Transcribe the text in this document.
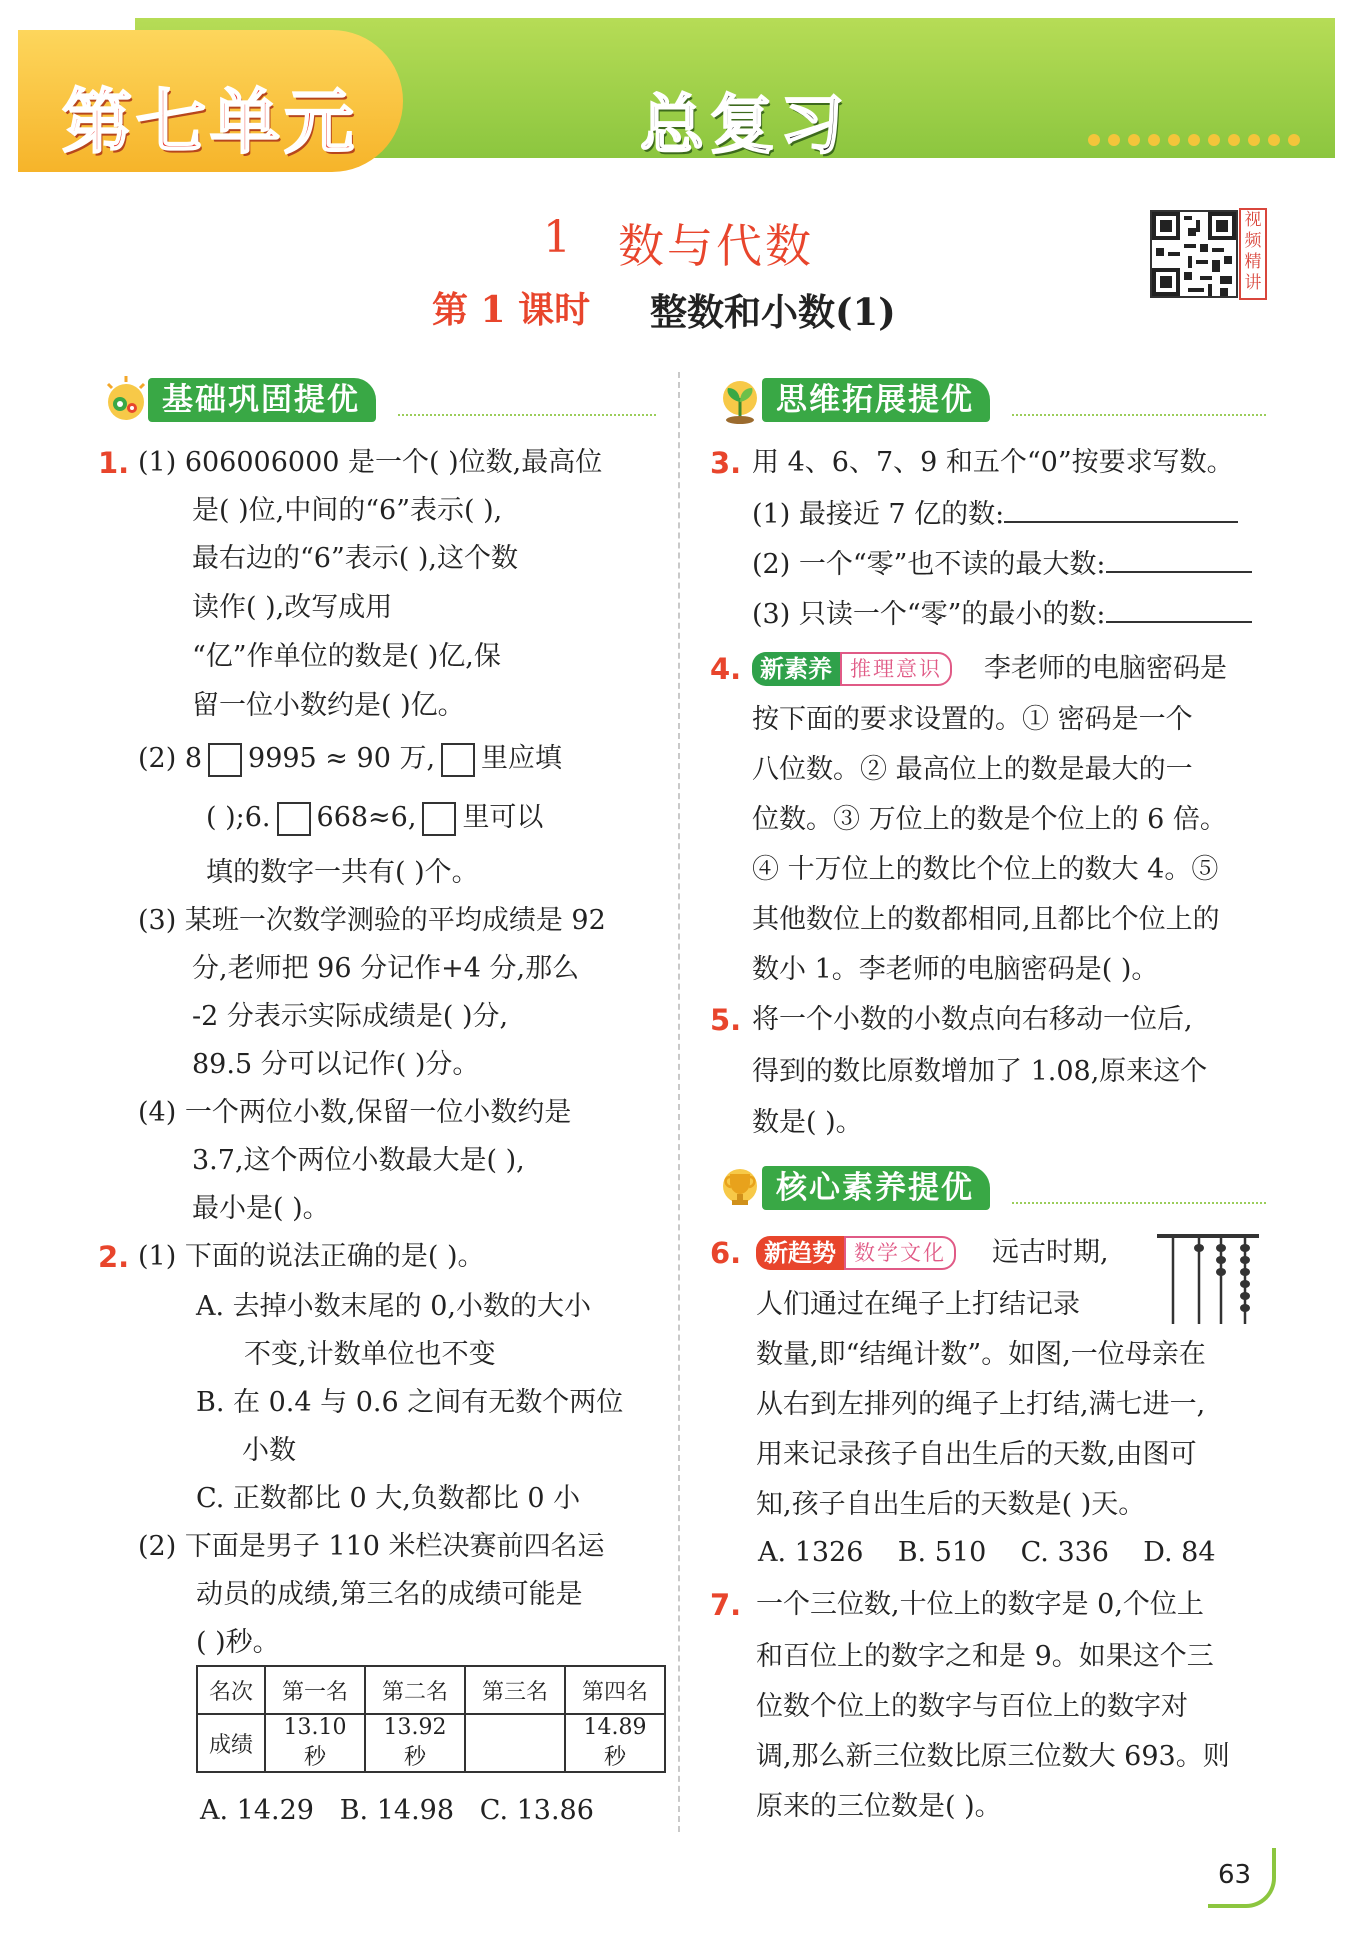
第七单元	总复习
1 数与代数
第 1 课时 整数和小数(1)
视
频
精
讲
基础巩固提优
1. (1) 606006000 是一个( )位数,最高位
是( )位,中间的“6”表示( ),
最右边的“6”表示( ),这个数
读作( ),改写成用
“亿”作单位的数是( )亿,保
留一位小数约是( )亿。
(2) 8 9995 ≈ 90 万, 里应填
( );6. 668≈6, 里可以
填的数字一共有( )个。
(3) 某班一次数学测验的平均成绩是 92
分,老师把 96 分记作+4 分,那么
-2 分表示实际成绩是( )分,
89.5 分可以记作( )分。
(4) 一个两位小数,保留一位小数约是
3.7,这个两位小数最大是( ),
最小是( )。
2. (1) 下面的说法正确的是( )。
A. 去掉小数末尾的 0,小数的大小
不变,计数单位也不变
B. 在 0.4 与 0.6 之间有无数个两位
小数
C. 正数都比 0 大,负数都比 0 小
(2) 下面是男子 110 米栏决赛前四名运
动员的成绩,第三名的成绩可能是
( )秒。
名次	第一名	第二名	第三名	第四名
成绩	13.10 秒	13.92 秒		14.89 秒
A. 14.29   B. 14.98   C. 13.86
思维拓展提优
3. 用 4、6、7、9 和五个“0”按要求写数。
(1) 最接近 7 亿的数:
(2) 一个“零”也不读的最大数:
(3) 只读一个“零”的最小的数:
4. 新素养 推理意识	李老师的电脑密码是
按下面的要求设置的。① 密码是一个
八位数。② 最高位上的数是最大的一
位数。③ 万位上的数是个位上的 6 倍。
④ 十万位上的数比个位上的数大 4。⑤
其他数位上的数都相同,且都比个位上的
数小 1。李老师的电脑密码是( )。
5. 将一个小数的小数点向右移动一位后,
得到的数比原数增加了 1.08,原来这个
数是( )。
核心素养提优
6. 新趋势 数学文化	远古时期,
人们通过在绳子上打结记录
数量,即“结绳计数”。如图,一位母亲在
从右到左排列的绳子上打结,满七进一,
用来记录孩子自出生后的天数,由图可
知,孩子自出生后的天数是( )天。
A. 1326    B. 510    C. 336    D. 84
7. 一个三位数,十位上的数字是 0,个位上
和百位上的数字之和是 9。如果这个三
位数个位上的数字与百位上的数字对
调,那么新三位数比原三位数大 693。则
原来的三位数是( )。
63
